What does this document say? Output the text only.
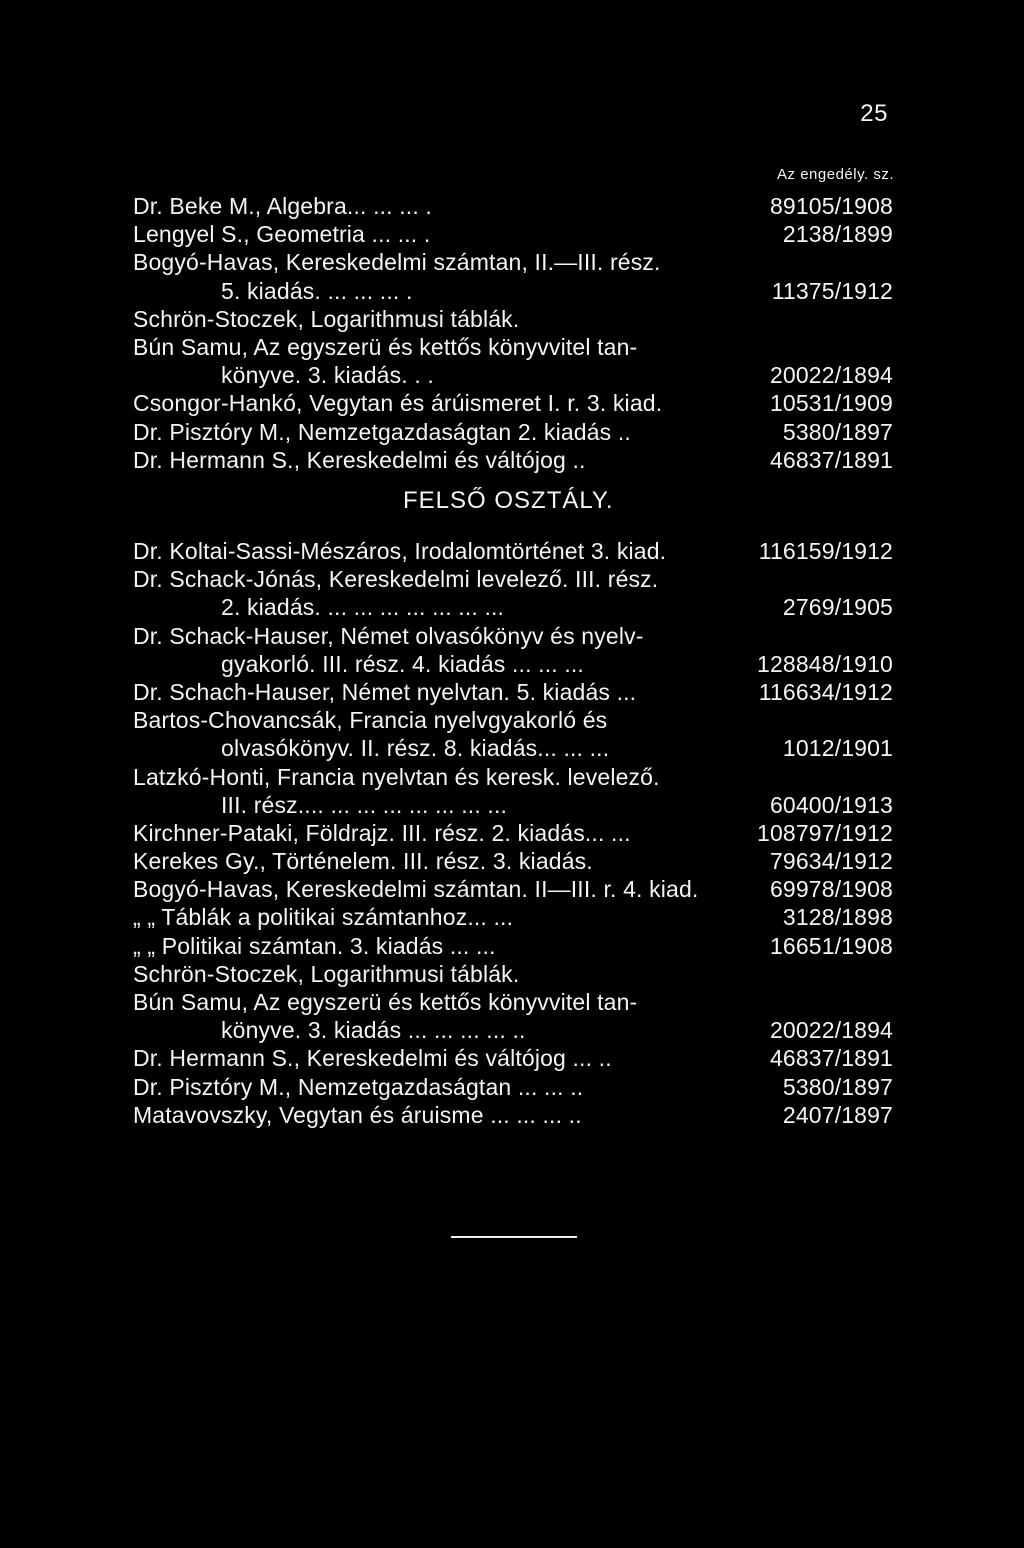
25
Az engedély. sz.
Dr. Beke M., Algebra... ... ... .	89105/1908
Lengyel S., Geometria ... ... .	2138/1899
Bogyó-Havas, Kereskedelmi számtan, II.—III. rész.
5. kiadás. ... ... ... .	11375/1912
Schrön-Stoczek, Logarithmusi táblák.
Bún Samu, Az egyszerü és kettős könyvvitel tan-
könyve. 3. kiadás. . .	20022/1894
Csongor-Hankó, Vegytan és árúismeret I. r. 3. kiad.	10531/1909
Dr. Pisztóry M., Nemzetgazdaságtan 2. kiadás ..	5380/1897
Dr. Hermann S., Kereskedelmi és váltójog ..	46837/1891
FELSŐ OSZTÁLY.
Dr. Koltai-Sassi-Mészáros, Irodalomtörténet 3. kiad.	116159/1912
Dr. Schack-Jónás, Kereskedelmi levelező. III. rész.
2. kiadás. ... ... ... ... ... ... ...	2769/1905
Dr. Schack-Hauser, Német olvasókönyv és nyelv-
gyakorló. III. rész. 4. kiadás ... ... ...	128848/1910
Dr. Schach-Hauser, Német nyelvtan. 5. kiadás ...	116634/1912
Bartos-Chovancsák, Francia nyelvgyakorló és
olvasókönyv. II. rész. 8. kiadás... ... ...	1012/1901
Latzkó-Honti, Francia nyelvtan és keresk. levelező.
III. rész.... ... ... ... ... ... ... ...	60400/1913
Kirchner-Pataki, Földrajz. III. rész. 2. kiadás... ...	108797/1912
Kerekes Gy., Történelem. III. rész. 3. kiadás.	79634/1912
Bogyó-Havas, Kereskedelmi számtan. II—III. r. 4. kiad.	69978/1908
„ „ Táblák a politikai számtanhoz... ...	3128/1898
„ „ Politikai számtan. 3. kiadás ... ...	16651/1908
Schrön-Stoczek, Logarithmusi táblák.
Bún Samu, Az egyszerü és kettős könyvvitel tan-
könyve. 3. kiadás ... ... ... ... ..	20022/1894
Dr. Hermann S., Kereskedelmi és váltójog ... ..	46837/1891
Dr. Pisztóry M., Nemzetgazdaságtan ... ... ..	5380/1897
Matavovszky, Vegytan és áruisme ... ... ... ..	2407/1897
